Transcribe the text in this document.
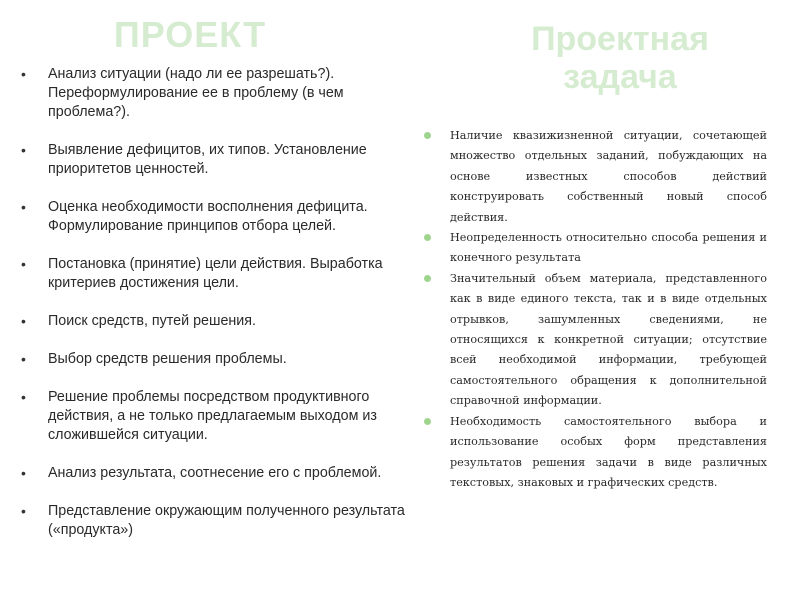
ПРОЕКТ	Проектная
задача
• Анализ ситуации (надо ли ее разрешать?). Переформулирование ее в проблему (в чем проблема?).
• Выявление дефицитов, их типов. Установление приоритетов ценностей.
• Оценка необходимости восполнения дефицита. Формулирование принципов отбора целей.
• Постановка (принятие) цели действия. Выработка критериев достижения цели.
• Поиск средств, путей решения.
• Выбор средств решения проблемы.
• Решение проблемы посредством продуктивного действия, а не только предлагаемым выходом из сложившейся ситуации.
• Анализ результата, соотнесение его с проблемой.
• Представление окружающим полученного результата («продукта»)
Наличие квазижизненной ситуации, сочетающей множество отдельных заданий, побуждающих на основе известных способов действий конструировать собственный новый способ действия.
Неопределенность относительно способа решения и конечного результата
Значительный объем материала, представленного как в виде единого текста, так и в виде отдельных отрывков, зашумленных сведениями, не относящихся к конкретной ситуации; отсутствие всей необходимой информации, требующей самостоятельного обращения к дополнительной справочной информации.
Необходимость самостоятельного выбора и использование особых форм представления результатов решения задачи в виде различных текстовых, знаковых и графических средств.
